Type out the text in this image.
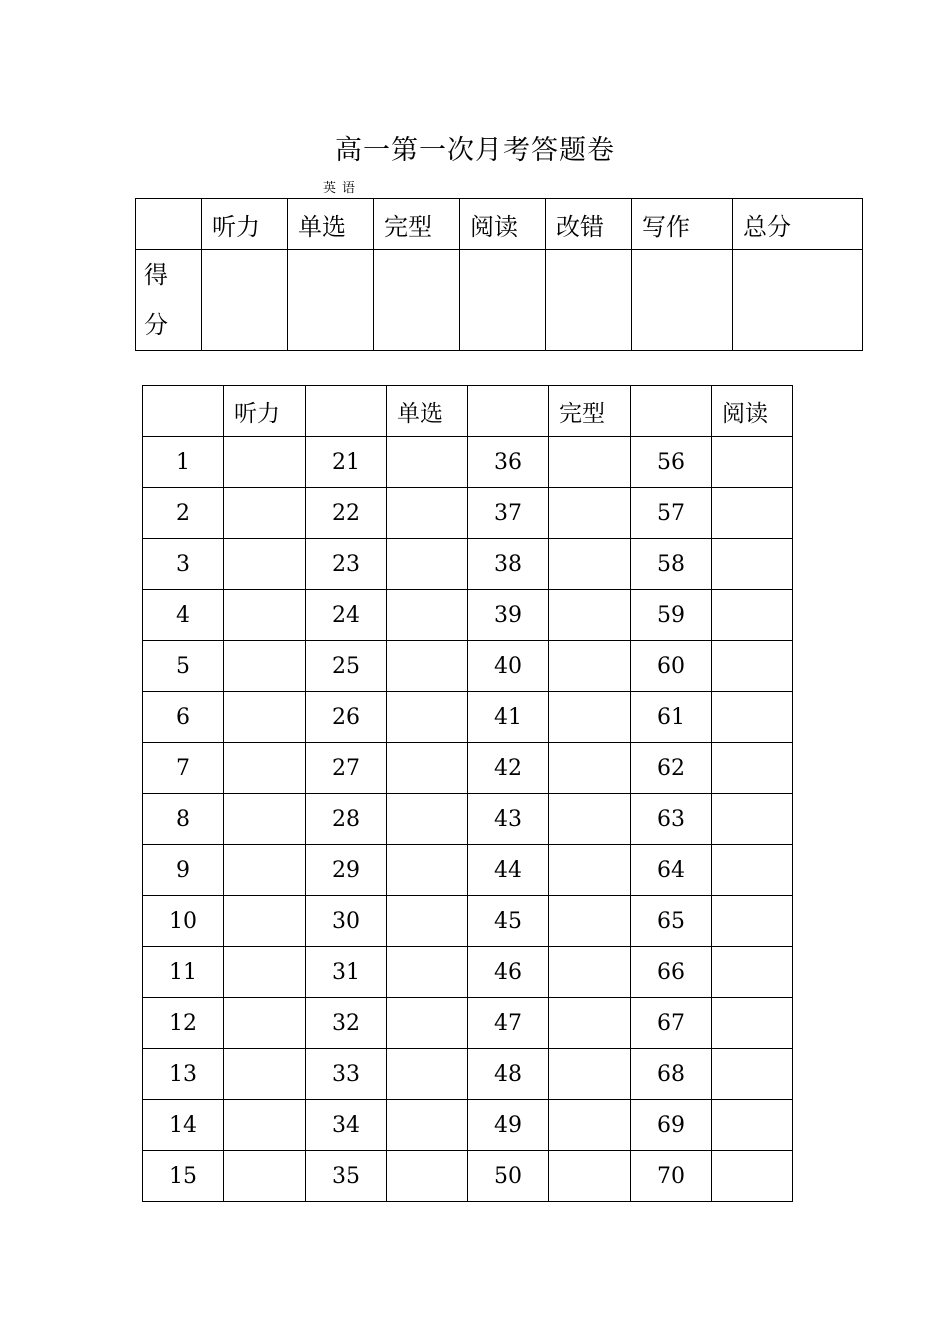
高一第一次月考答题卷
英语
	听力	单选	完型	阅读	改错	写作	总分

得分							

	听力		单选		完型		阅读
1		21		36		56	
2		22		37		57	
3		23		38		58	
4		24		39		59	
5		25		40		60	
6		26		41		61	
7		27		42		62	
8		28		43		63	
9		29		44		64	
10		30		45		65	
11		31		46		66	
12		32		47		67	
13		33		48		68	
14		34		49		69	
15		35		50		70	
